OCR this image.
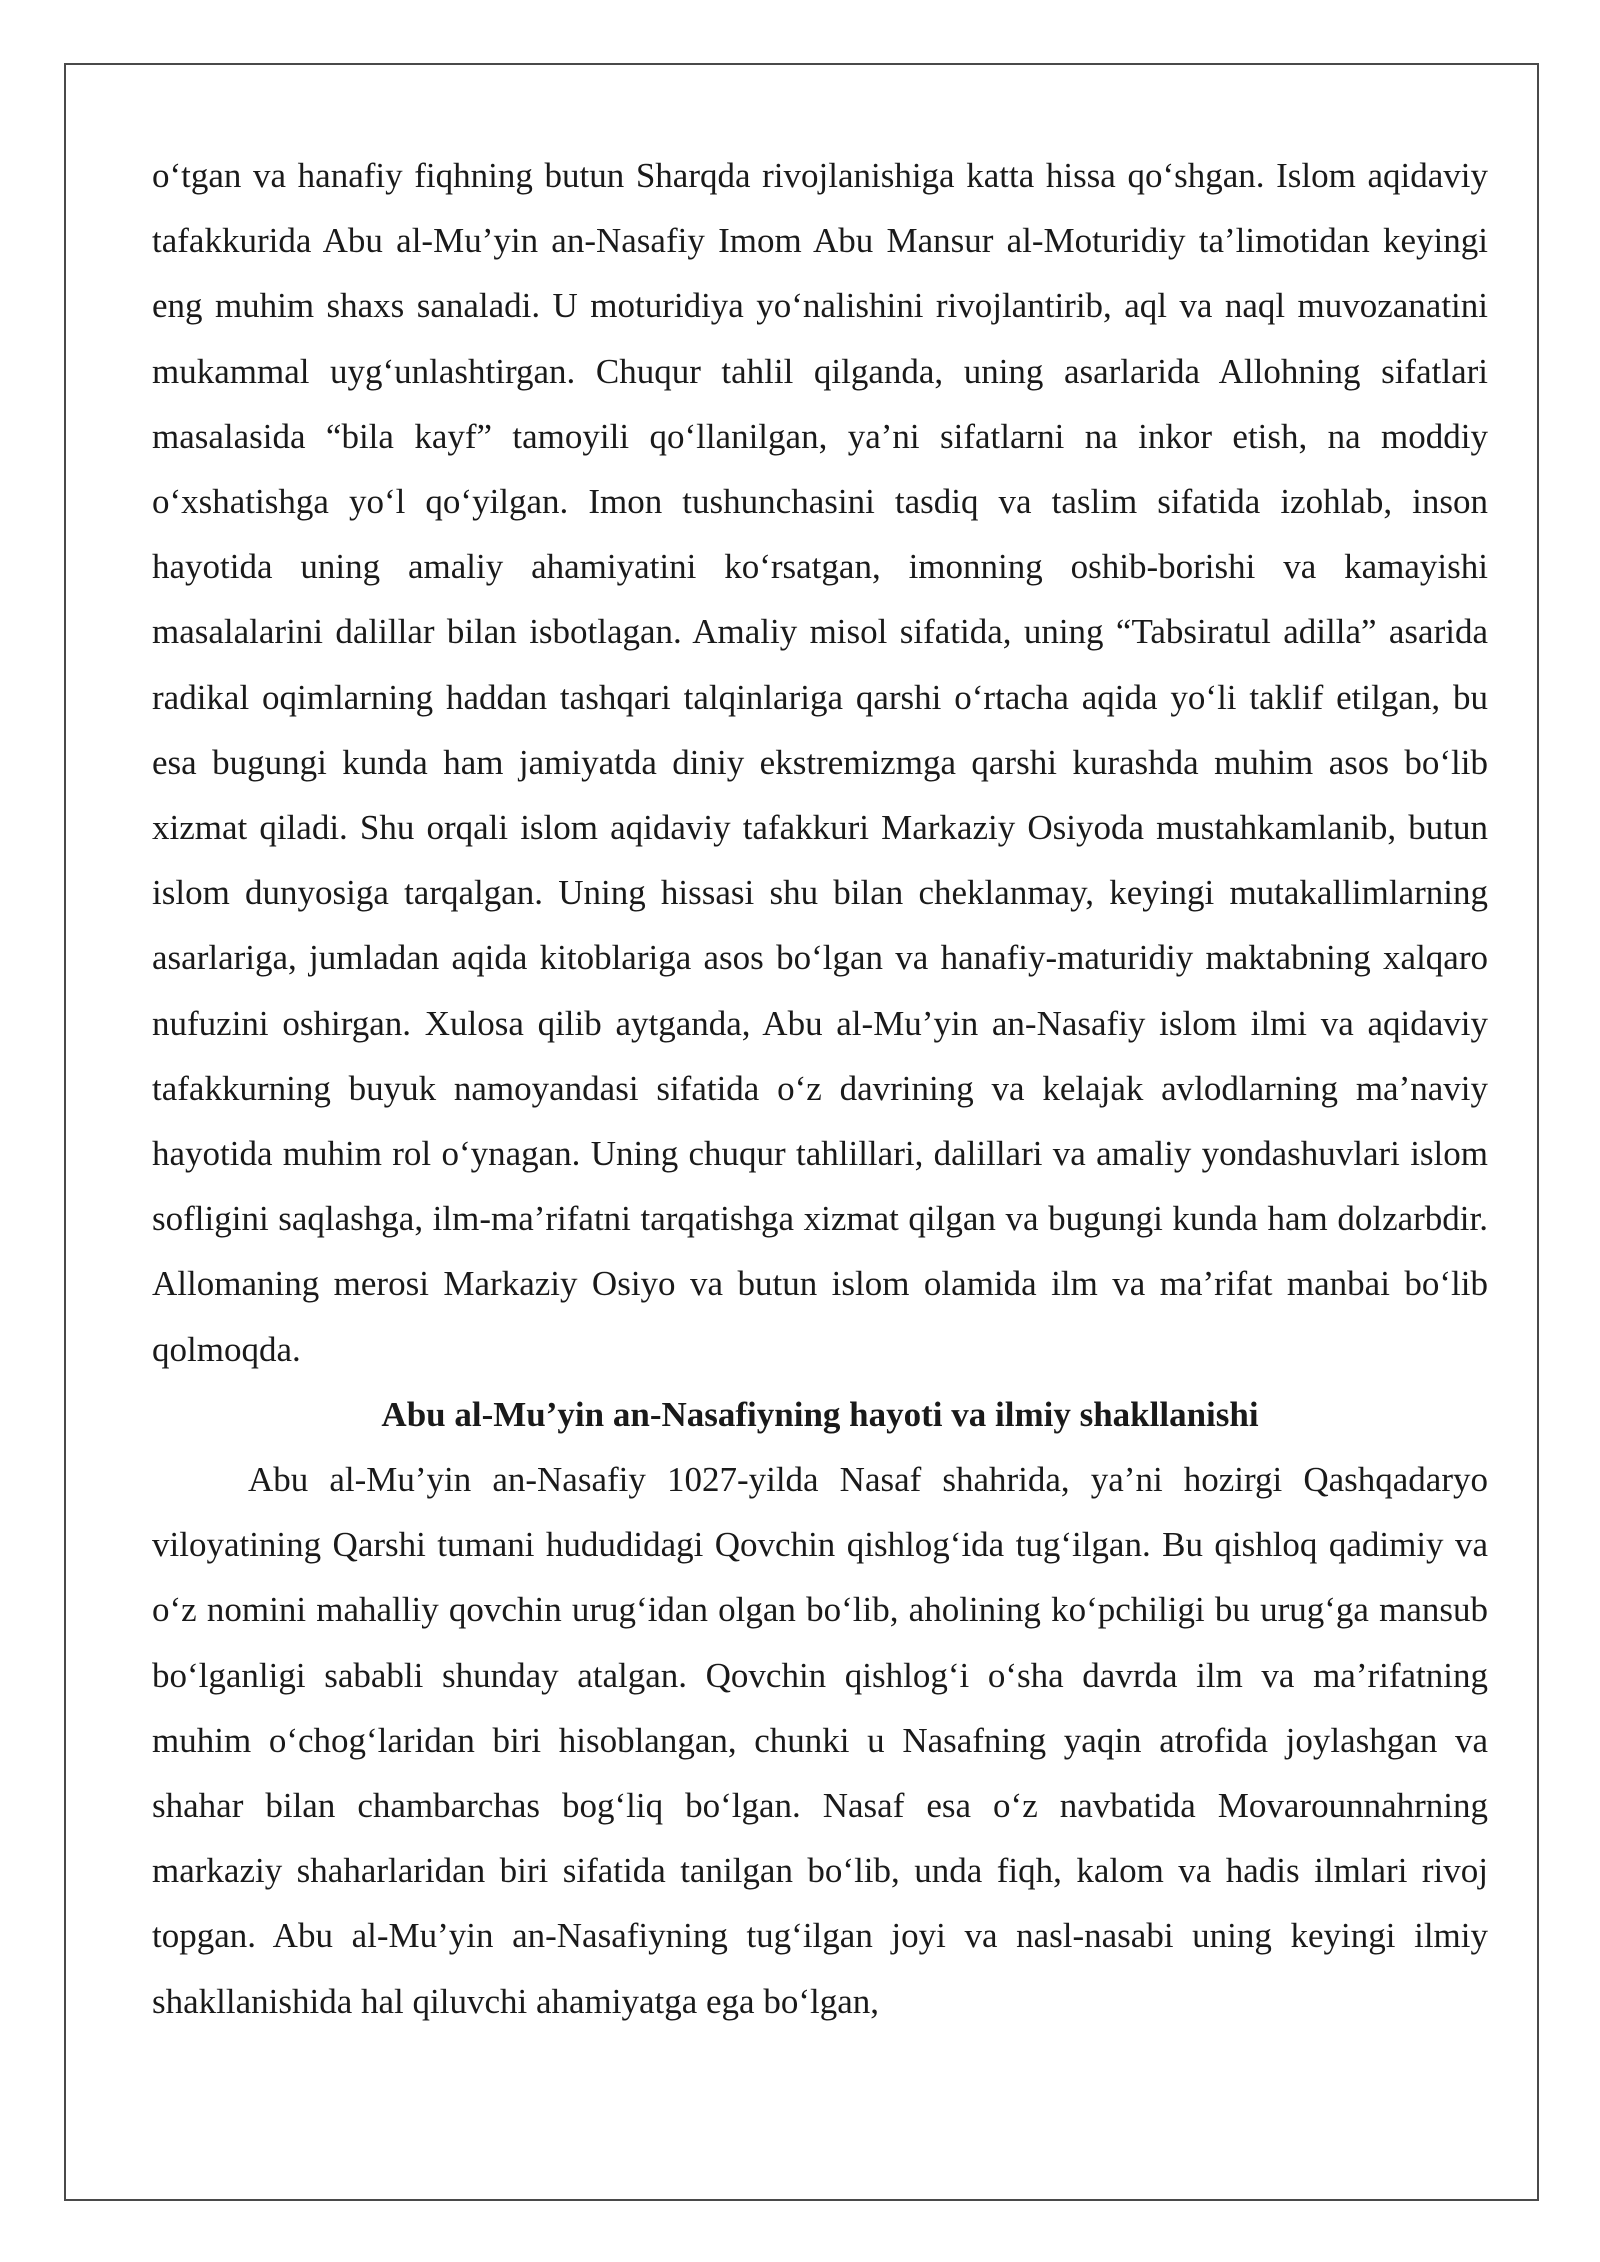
o‘tgan va hanafiy fiqhning butun Sharqda rivojlanishiga katta hissa qo‘shgan. Islom aqidaviy tafakkurida Abu al-Mu’yin an-Nasafiy Imom Abu Mansur al-Moturidiy ta’limotidan keyingi eng muhim shaxs sanaladi. U moturidiya yo‘nalishini rivojlantirib, aql va naql muvozanatini mukammal uyg‘unlashtirgan. Chuqur tahlil qilganda, uning asarlarida Allohning sifatlari masalasida “bila kayf” tamoyili qo‘llanilgan, ya’ni sifatlarni na inkor etish, na moddiy o‘xshatishga yo‘l qo‘yilgan. Imon tushunchasini tasdiq va taslim sifatida izohlab, inson hayotida uning amaliy ahamiyatini ko‘rsatgan, imonning oshib-borishi va kamayishi masalalarini dalillar bilan isbotlagan. Amaliy misol sifatida, uning “Tabsiratul adilla” asarida radikal oqimlarning haddan tashqari talqinlariga qarshi o‘rtacha aqida yo‘li taklif etilgan, bu esa bugungi kunda ham jamiyatda diniy ekstremizmga qarshi kurashda muhim asos bo‘lib xizmat qiladi. Shu orqali islom aqidaviy tafakkuri Markaziy Osiyoda mustahkamlanib, butun islom dunyosiga tarqalgan. Uning hissasi shu bilan cheklanmay, keyingi mutakallimlarning asarlariga, jumladan aqida kitoblariga asos bo‘lgan va hanafiy-maturidiy maktabning xalqaro nufuzini oshirgan. Xulosa qilib aytganda, Abu al-Mu’yin an-Nasafiy islom ilmi va aqidaviy tafakkurning buyuk namoyandasi sifatida o‘z davrining va kelajak avlodlarning ma’naviy hayotida muhim rol o‘ynagan. Uning chuqur tahlillari, dalillari va amaliy yondashuvlari islom sofligini saqlashga, ilm-ma’rifatni tarqatishga xizmat qilgan va bugungi kunda ham dolzarbdir. Allomaning merosi Markaziy Osiyo va butun islom olamida ilm va ma’rifat manbai bo‘lib qolmoqda.

Abu al-Mu’yin an-Nasafiyning hayoti va ilmiy shakllanishi

Abu al-Mu’yin an-Nasafiy 1027-yilda Nasaf shahrida, ya’ni hozirgi Qashqadaryo viloyatining Qarshi tumani hududidagi Qovchin qishlog‘ida tug‘ilgan. Bu qishloq qadimiy va o‘z nomini mahalliy qovchin urug‘idan olgan bo‘lib, aholining ko‘pchiligi bu urug‘ga mansub bo‘lganligi sababli shunday atalgan. Qovchin qishlog‘i o‘sha davrda ilm va ma’rifatning muhim o‘chog‘laridan biri hisoblangan, chunki u Nasafning yaqin atrofida joylashgan va shahar bilan chambarchas bog‘liq bo‘lgan. Nasaf esa o‘z navbatida Movarounnahrning markaziy shaharlaridan biri sifatida tanilgan bo‘lib, unda fiqh, kalom va hadis ilmlari rivoj topgan. Abu al-Mu’yin an-Nasafiyning tug‘ilgan joyi va nasl-nasabi uning keyingi ilmiy shakllanishida hal qiluvchi ahamiyatga ega bo‘lgan,
